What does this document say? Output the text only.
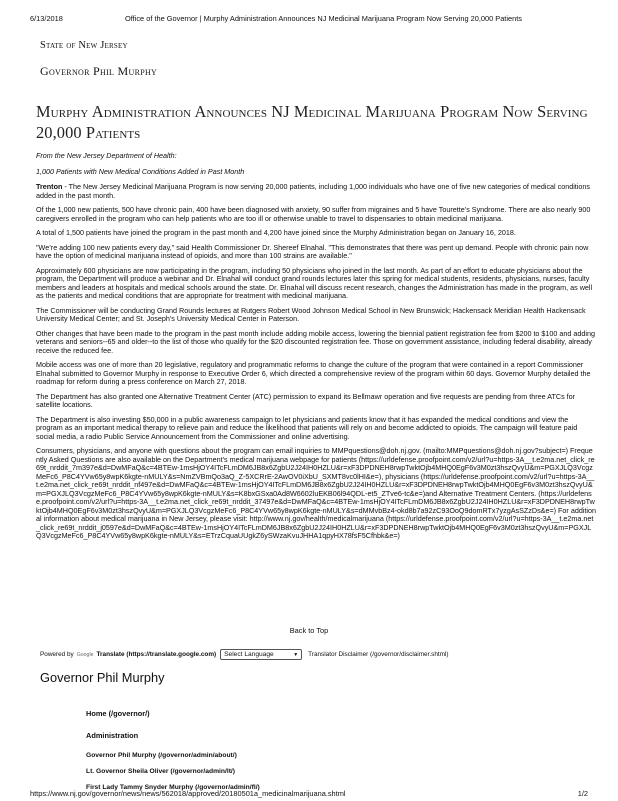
6/13/2018	Office of the Governor | Murphy Administration Announces NJ Medicinal Marijuana Program Now Serving 20,000 Patients
State of New Jersey
Governor Phil Murphy
Murphy Administration Announces NJ Medicinal Marijuana Program Now Serving 20,000 Patients

From the New Jersey Department of Health:

1,000 Patients with New Medical Conditions Added in Past Month

Trenton - The New Jersey Medicinal Marijuana Program is now serving 20,000 patients, including 1,000 individuals who have one of five new categories of medical conditions added in the past month.

Of the 1,000 new patients, 500 have chronic pain, 400 have been diagnosed with anxiety, 90 suffer from migraines and 5 have Tourette’s Syndrome. There are also nearly 900 caregivers enrolled in the program who can help patients who are too ill or otherwise unable to travel to dispensaries to obtain medicinal marijuana.

A total of 1,500 patients have joined the program in the past month and 4,200 have joined since the Murphy Administration began on January 16, 2018.

"We’re adding 100 new patients every day," said Health Commissioner Dr. Shereef Elnahal. "This demonstrates that there was pent up demand. People with chronic pain now have the option of medicinal marijuana instead of opioids, and more than 100 strains are available."

Approximately 600 physicians are now participating in the program, including 50 physicians who joined in the last month. As part of an effort to educate physicians about the program, the Department will produce a webinar and Dr. Elnahal will conduct grand rounds lectures later this spring for medical students, residents, physicians, nurses, faculty members and leaders at hospitals and medical schools around the state. Dr. Elnahal will discuss recent research, changes the Administration has made in the program, as well as the patients and medical conditions that are appropriate for treatment with medicinal marijuana.

The Commissioner will be conducting Grand Rounds lectures at Rutgers Robert Wood Johnson Medical School in New Brunswick; Hackensack Meridian Health Hackensack University Medical Center; and St. Joseph’s University Medical Center in Paterson.

Other changes that have been made to the program in the past month include adding mobile access, lowering the biennial patient registration fee from $200 to $100 and adding veterans and seniors--65 and older--to the list of those who qualify for the $20 discounted registration fee. Those on government assistance, including federal disability, already receive the reduced fee.

Mobile access was one of more than 20 legislative, regulatory and programmatic reforms to change the culture of the program that were contained in a report Commissioner Elnahal submitted to Governor Murphy in response to Executive Order 6, which directed a comprehensive review of the program within 60 days. Governor Murphy detailed the roadmap for reform during a press conference on March 27, 2018.

The Department has also granted one Alternative Treatment Center (ATC) permission to expand its Bellmawr operation and five requests are pending from three ATCs for satellite locations.

The Department is also investing $50,000 in a public awareness campaign to let physicians and patients know that it has expanded the medical conditions and view the program as an important medical therapy to relieve pain and reduce the likelihood that patients will rely on and become addicted to opioids. The campaign will feature paid social media, a radio Public Service Announcement from the Commissioner and online advertising.

Consumers, physicians, and anyone with questions about the program can email inquiries to MMPquestions@doh.nj.gov. (mailto:MMPquestions@doh.nj.gov?subject=) Frequently Asked Questions are also available on the Department’s medical marijuana webpage for patients (https://urldefense.proofpoint.com/v2/url?u=https-3A__t.e2ma.net_click_re69t_nrddit_7m397e&d=DwMFaQ&c=4BTEw-1msHjOY4ITcFLmDM6JB8x6ZgbU2J24IH0HZLU&r=xF3DPDNEH8rwpTwktOjb4MHQ0EgF6v3M0zt3hszQvyU&m=PGXJLQ3VcgzMeFc6_P8C4YVw65y8wpK6kgte-nMULY&s=NmZVBmQo3aQ_Z-5XCRrE-2AwOV0iXbU_SXMT8vc0lHI&e=), physicians (https://urldefense.proofpoint.com/v2/url?u=https-3A__t.e2ma.net_click_re69t_nrddit_nf497e&d=DwMFaQ&c=4BTEw-1msHjOY4ITcFLmDM6JB8x6ZgbU2J24IH0HZLU&r=xF3DPDNEH8rwpTwktOjb4MHQ0EgF6v3M0zt3hszQvyU&m=PGXJLQ3VcgzMeFc6_P8C4YVw65y8wpK6kgte-nMULY&s=K8bxGSxa0Ad8W6602luEKB06l94QDL-et5_ZTve6-tc&e=)and Alternative Treatment Centers. (https://urldefense.proofpoint.com/v2/url?u=https-3A__t.e2ma.net_click_re69t_nrddit_37497e&d=DwMFaQ&c=4BTEw-1msHjOY4ITcFLmDM6JB8x6ZgbU2J24IH0HZLU&r=xF3DPDNEH8rwpTwktOjb4MHQ0EgF6v3M0zt3hszQvyU&m=PGXJLQ3VcgzMeFc6_P8C4YVw65y8wpK6kgte-nMULY&s=dMMvbBz4-okd8b7a92zC93OoQ9domRTx7yzgAsSZzDs&e=) For additional information about medical marijuana in New Jersey, please visit: http://www.nj.gov/health/medicalmarijuana (https://urldefense.proofpoint.com/v2/url?u=https-3A__t.e2ma.net_click_re69t_nrddit_j0597e&d=DwMFaQ&c=4BTEw-1msHjOY4ITcFLmDM6JB8x6ZgbU2J24IH0HZLU&r=xF3DPDNEH8rwpTwktOjb4MHQ0EgF6v3M0zt3hszQvyU&m=PGXJLQ3VcgzMeFc6_P8C4YVw65y8wpK6kgte-nMULY&s=ETrzCquaUUgkZ6ySWzaKvuJHHA1qpyHX78fsF5Cfhbk&e=)

Back to Top
Powered by Google Translate (https://translate.google.com) Select Language	▼ Translator Disclaimer (/governor/disclaimer.shtml)
Governor Phil Murphy
Home (/governor/)
Administration
Governor Phil Murphy (/governor/admin/about/)
Lt. Governor Sheila Oliver (/governor/admin/lt/)
First Lady Tammy Snyder Murphy (/governor/admin/fl/)
https://www.nj.gov/governor/news/news/562018/approved/20180501a_medicinalmarijuana.shtml	1/2
